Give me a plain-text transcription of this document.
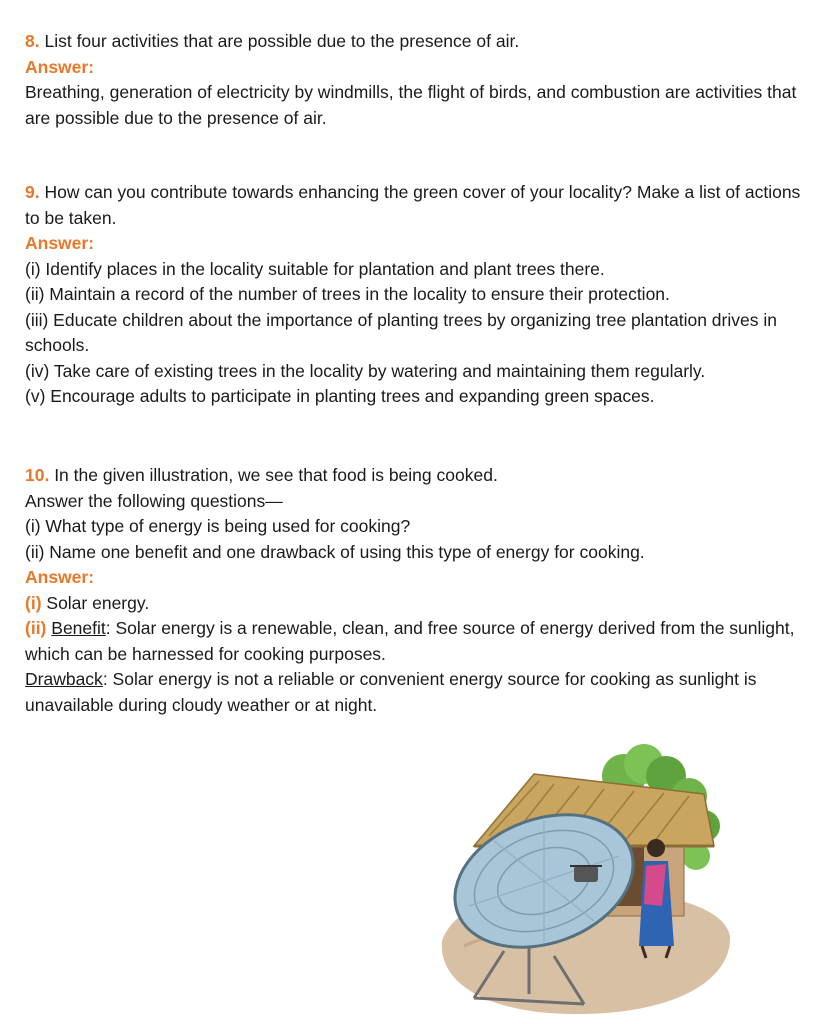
8. List four activities that are possible due to the presence of air.

Answer:

Breathing, generation of electricity by windmills, the flight of birds, and combustion are activities that are possible due to the presence of air.

9. How can you contribute towards enhancing the green cover of your locality? Make a list of actions to be taken.

Answer:

(i) Identify places in the locality suitable for plantation and plant trees there.

(ii) Maintain a record of the number of trees in the locality to ensure their protection.

(iii) Educate children about the importance of planting trees by organizing tree plantation drives in schools.

(iv) Take care of existing trees in the locality by watering and maintaining them regularly.

(v) Encourage adults to participate in planting trees and expanding green spaces.

10. In the given illustration, we see that food is being cooked.

Answer the following questions—

(i) What type of energy is being used for cooking?

(ii) Name one benefit and one drawback of using this type of energy for cooking.

Answer:

(i) Solar energy.

(ii) Benefit: Solar energy is a renewable, clean, and free source of energy derived from the sunlight, which can be harnessed for cooking purposes.

Drawback: Solar energy is not a reliable or convenient energy source for cooking as sunlight is unavailable during cloudy weather or at night.
